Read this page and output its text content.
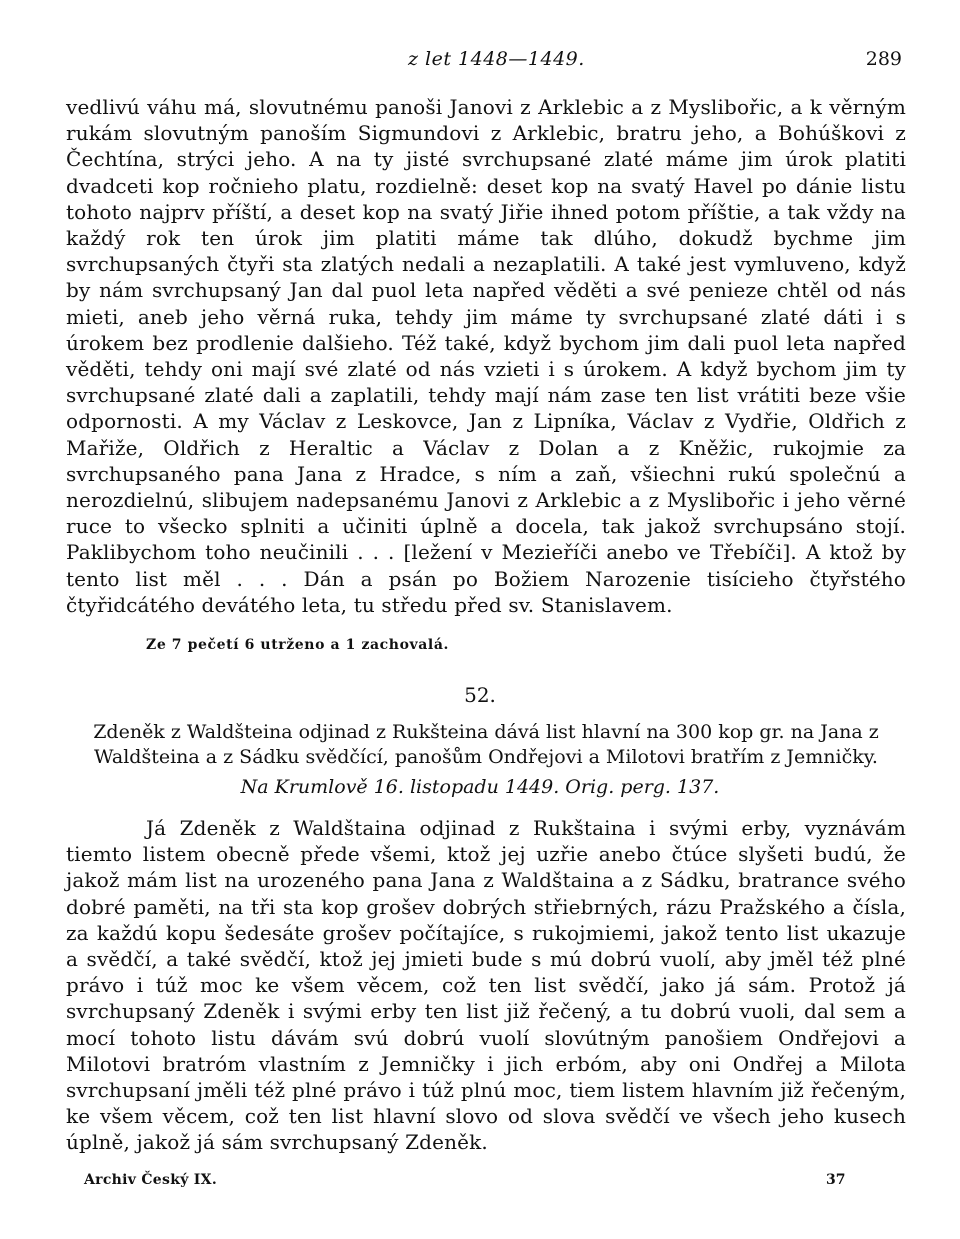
z let 1448—1449.	289

vedlivú váhu má, slovutnému panoši Janovi z Arklebic a z Myslibořic, a k věrným rukám slovutným panoším Sigmundovi z Arklebic, bratru jeho, a Bohúškovi z Čechtína, strýci jeho. A na ty jisté svrchupsané zlaté máme jim úrok platiti dvadceti kop ročnieho platu, rozdielně: deset kop na svatý Havel po dánie listu tohoto najprv příští, a deset kop na svatý Jiřie ihned potom příštie, a tak vždy na každý rok ten úrok jim platiti máme tak dlúho, dokudž bychme jim svrchupsaných čtyři sta zlatých nedali a nezaplatili. A také jest vymluveno, když by nám svrchupsaný Jan dal puol leta napřed věděti a své penieze chtěl od nás mieti, aneb jeho věrná ruka, tehdy jim máme ty svrchupsané zlaté dáti i s úrokem bez prodlenie dalšieho. Též také, když bychom jim dali puol leta napřed věděti, tehdy oni mají své zlaté od nás vzieti i s úrokem. A když bychom jim ty svrchupsané zlaté dali a zaplatili, tehdy mají nám zase ten list vrátiti beze všie odpornosti. A my Václav z Leskovce, Jan z Lipníka, Václav z Vydřie, Oldřich z Mařiže, Oldřich z Heraltic a Václav z Dolan a z Kněžic, rukojmie za svrchupsaného pana Jana z Hradce, s ním a zaň, všiechni rukú společnú a nerozdielnú, slibujem nadepsanému Janovi z Arklebic a z Myslibořic i jeho věrné ruce to všecko splniti a učiniti úplně a docela, tak jakož svrchupsáno stojí. Paklibychom toho neučinili . . . [ležení v Mezieříči anebo ve Třebíči]. A ktož by tento list měl . . . Dán a psán po Božiem Narozenie tisícieho čtyřstého čtyřidcátého devátého leta, tu středu před sv. Stanislavem.

Ze 7 pečetí 6 utrženo a 1 zachovalá.
52.

Zdeněk z Waldšteina odjinad z Rukšteina dává list hlavní na 300 kop gr. na Jana z Waldšteina a z Sádku svědčící, panošům Ondřejovi a Milotovi bratřím z Jemničky.

Na Krumlově 16. listopadu 1449. Orig. perg. 137.

Já Zdeněk z Waldštaina odjinad z Rukštaina i svými erby, vyznávám tiemto listem obecně přede všemi, ktož jej uzřie anebo čtúce slyšeti budú, že jakož mám list na urozeného pana Jana z Waldštaina a z Sádku, bratrance svého dobré paměti, na tři sta kop grošev dobrých střiebrných, rázu Pražského a čísla, za každú kopu šedesáte grošev počítajíce, s rukojmiemi, jakož tento list ukazuje a svědčí, a také svědčí, ktož jej jmieti bude s mú dobrú vuolí, aby jměl též plné právo i túž moc ke všem věcem, což ten list svědčí, jako já sám. Protož já svrchupsaný Zdeněk i svými erby ten list již řečený, a tu dobrú vuoli, dal sem a mocí tohoto listu dávám svú dobrú vuolí slovútným panošiem Ondřejovi a Milotovi bratróm vlastním z Jemničky i jich erbóm, aby oni Ondřej a Milota svrchupsaní jměli též plné právo i túž plnú moc, tiem listem hlavním již řečeným, ke všem věcem, což ten list hlavní slovo od slova svědčí ve všech jeho kusech úplně, jakož já sám svrchupsaný Zdeněk.

Archiv Český IX.	37
